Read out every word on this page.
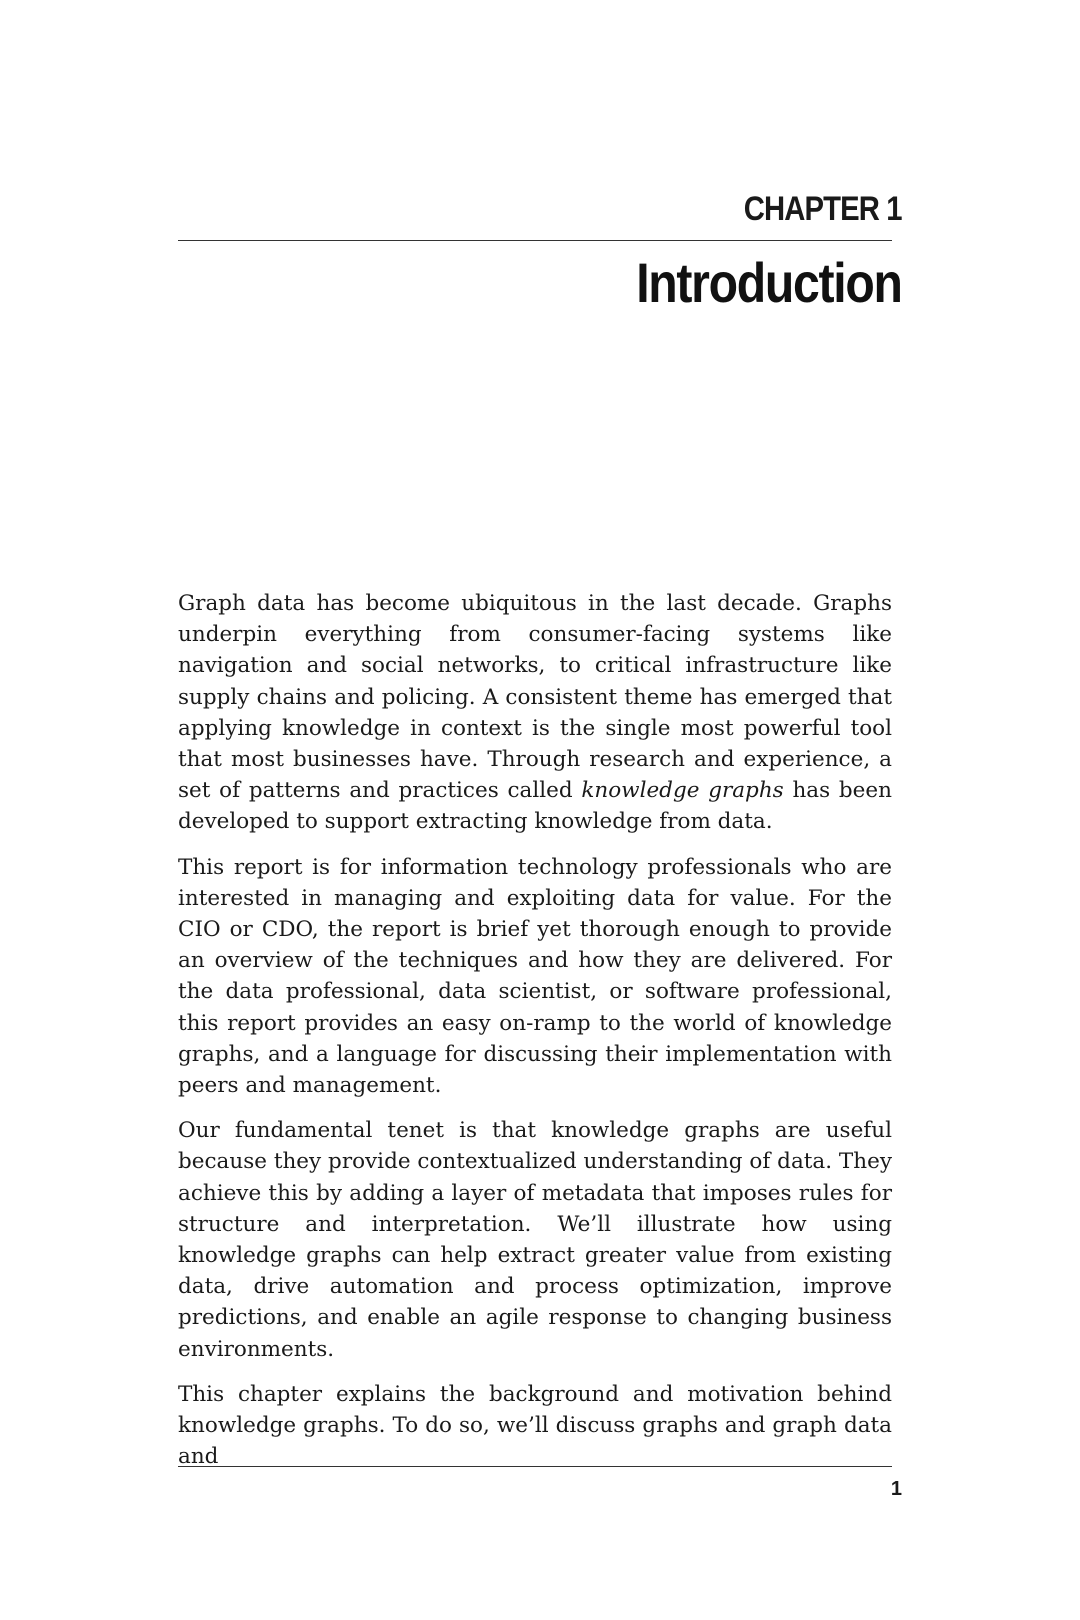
CHAPTER 1
Introduction

Graph data has become ubiquitous in the last decade. Graphs underpin everything from consumer-facing systems like navigation and social networks, to critical infrastructure like supply chains and policing. A consistent theme has emerged that applying knowledge in context is the single most powerful tool that most businesses have. Through research and experience, a set of patterns and practices called knowledge graphs has been developed to support extracting knowledge from data.

This report is for information technology professionals who are interested in managing and exploiting data for value. For the CIO or CDO, the report is brief yet thorough enough to provide an overview of the techniques and how they are delivered. For the data professional, data scientist, or software professional, this report provides an easy on-ramp to the world of knowledge graphs, and a language for discussing their implementation with peers and management.

Our fundamental tenet is that knowledge graphs are useful because they provide contextualized understanding of data. They achieve this by adding a layer of metadata that imposes rules for structure and interpretation. We’ll illustrate how using knowledge graphs can help extract greater value from existing data, drive automation and process optimization, improve predictions, and enable an agile response to changing business environments.

This chapter explains the background and motivation behind knowledge graphs. To do so, we’ll discuss graphs and graph data and

1
